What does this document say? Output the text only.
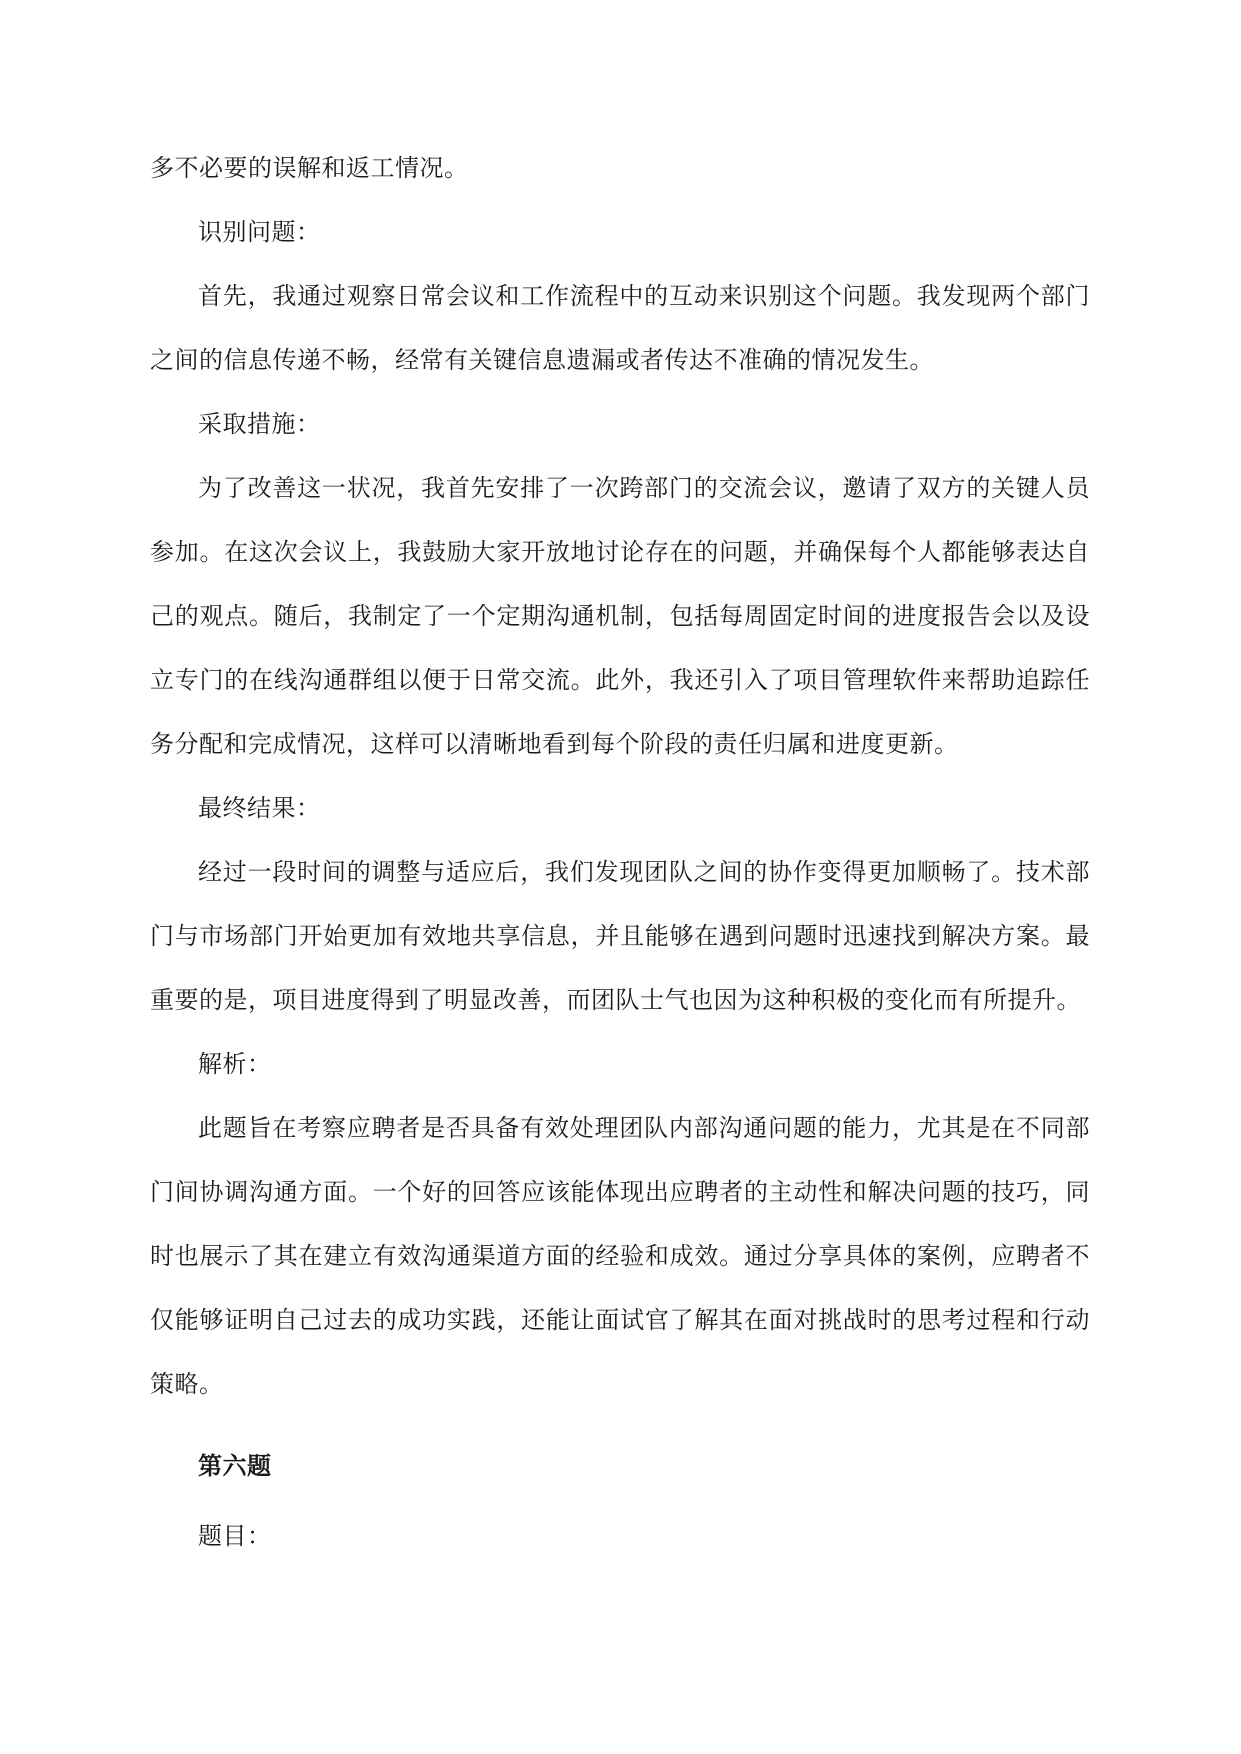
多不必要的误解和返工情况。

识别问题：

首先，我通过观察日常会议和工作流程中的互动来识别这个问题。我发现两个部门之间的信息传递不畅，经常有关键信息遗漏或者传达不准确的情况发生。

采取措施：

为了改善这一状况，我首先安排了一次跨部门的交流会议，邀请了双方的关键人员参加。在这次会议上，我鼓励大家开放地讨论存在的问题，并确保每个人都能够表达自己的观点。随后，我制定了一个定期沟通机制，包括每周固定时间的进度报告会以及设立专门的在线沟通群组以便于日常交流。此外，我还引入了项目管理软件来帮助追踪任务分配和完成情况，这样可以清晰地看到每个阶段的责任归属和进度更新。

最终结果：

经过一段时间的调整与适应后，我们发现团队之间的协作变得更加顺畅了。技术部门与市场部门开始更加有效地共享信息，并且能够在遇到问题时迅速找到解决方案。最重要的是，项目进度得到了明显改善，而团队士气也因为这种积极的变化而有所提升。

解析：

此题旨在考察应聘者是否具备有效处理团队内部沟通问题的能力，尤其是在不同部门间协调沟通方面。一个好的回答应该能体现出应聘者的主动性和解决问题的技巧，同时也展示了其在建立有效沟通渠道方面的经验和成效。通过分享具体的案例，应聘者不仅能够证明自己过去的成功实践，还能让面试官了解其在面对挑战时的思考过程和行动策略。

第六题

题目：
